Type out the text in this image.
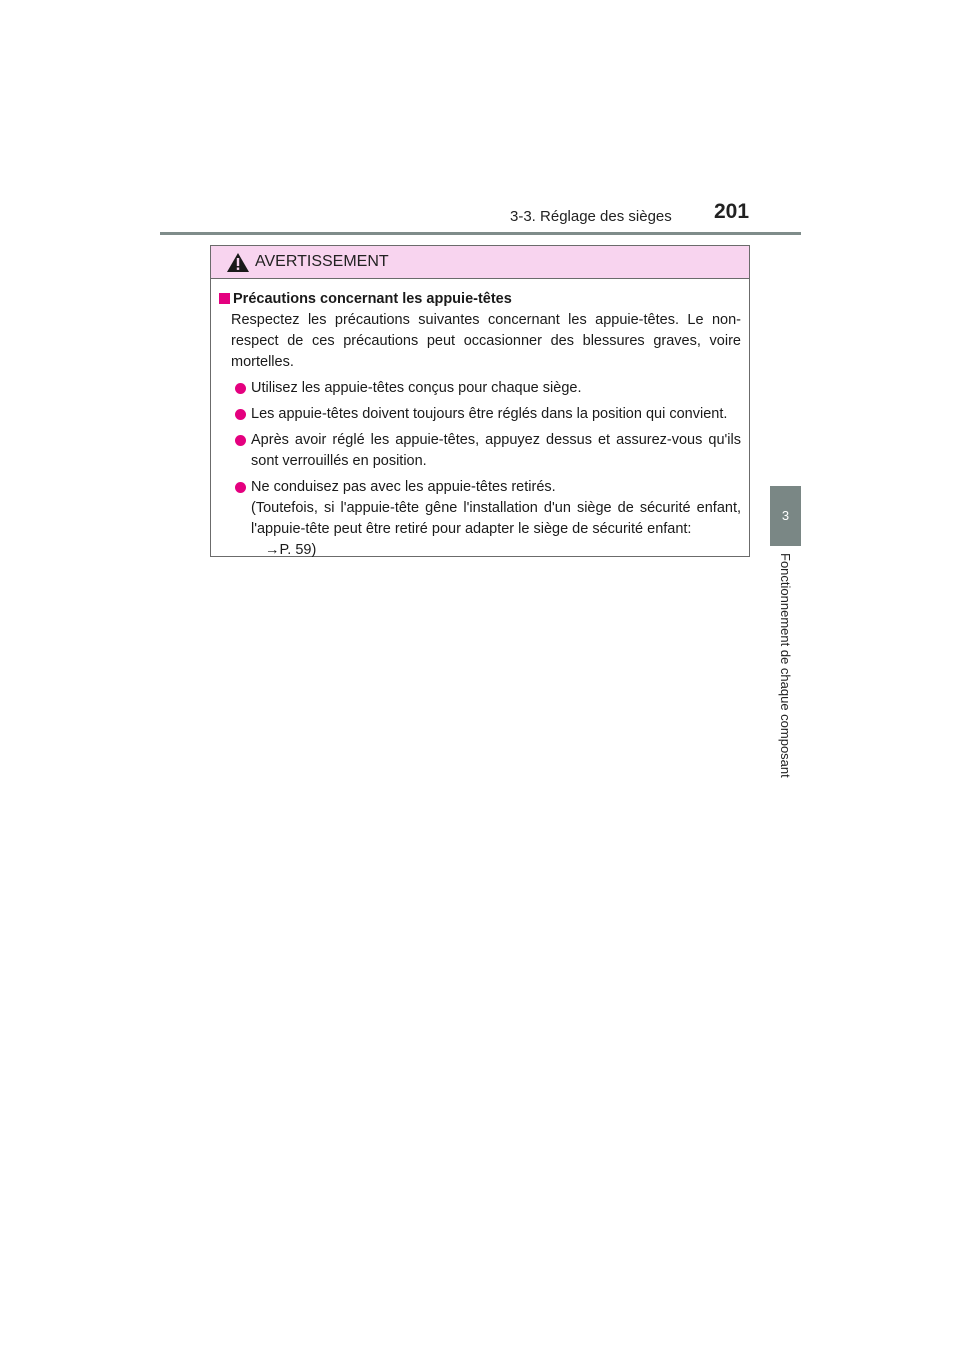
3-3. Réglage des sièges 201
3
Fonctionnement de chaque composant
AVERTISSEMENT
Précautions concernant les appuie-têtes
Respectez les précautions suivantes concernant les appuie-têtes. Le non-respect de ces précautions peut occasionner des blessures graves, voire mortelles.
Utilisez les appuie-têtes conçus pour chaque siège.
Les appuie-têtes doivent toujours être réglés dans la position qui convient.
Après avoir réglé les appuie-têtes, appuyez dessus et assurez-vous qu'ils sont verrouillés en position.
Ne conduisez pas avec les appuie-têtes retirés.
(Toutefois, si l'appuie-tête gêne l'installation d'un siège de sécurité enfant, l'appuie-tête peut être retiré pour adapter le siège de sécurité enfant:
→P. 59)
